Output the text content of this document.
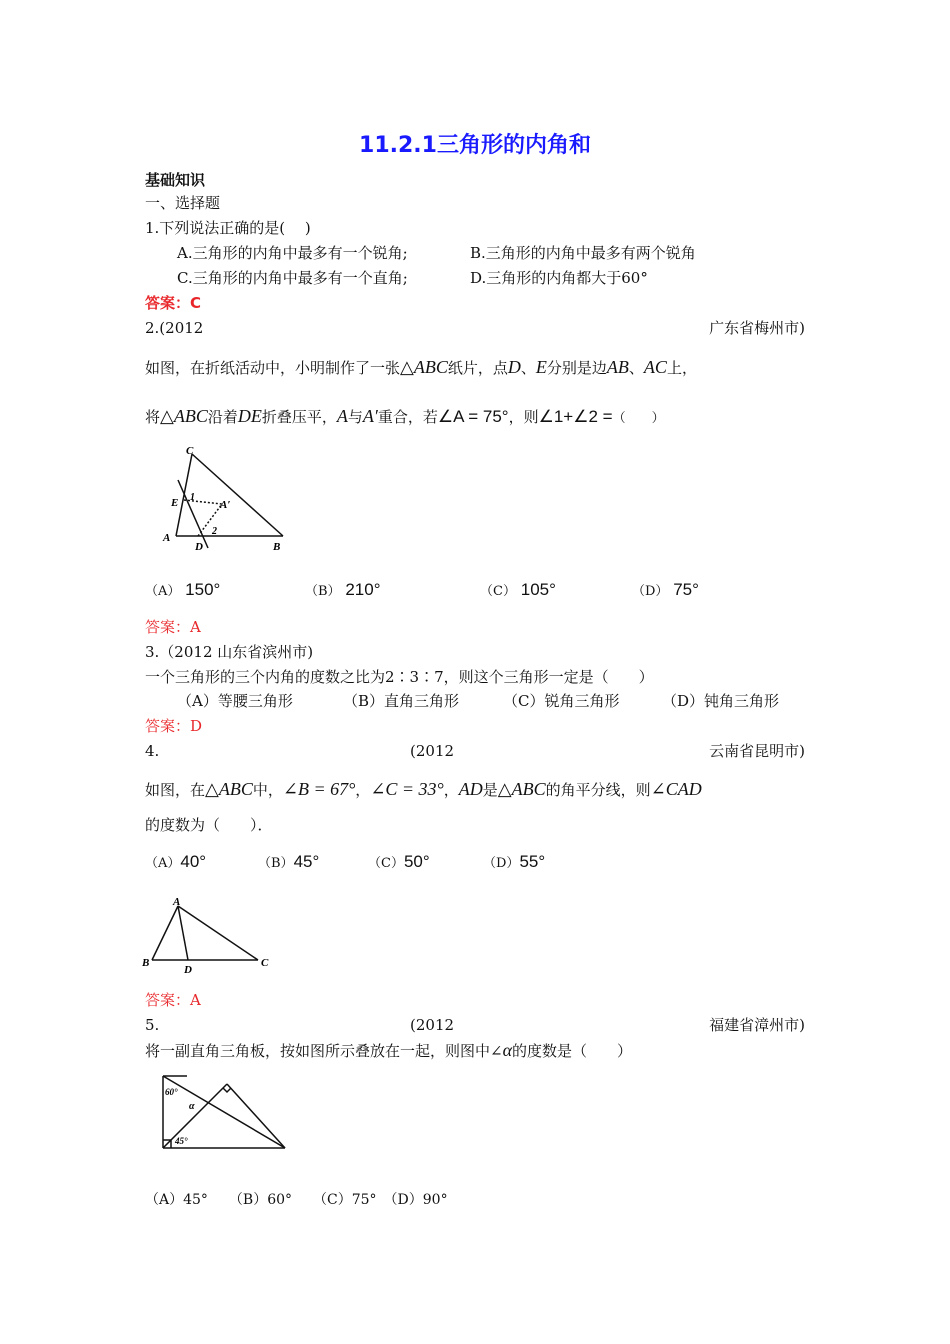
11.2.1三角形的内角和
基础知识
一、选择题
1.下列说法正确的是(　 )
A.三角形的内角中最多有一个锐角;	B.三角形的内角中最多有两个锐角
C.三角形的内角中最多有一个直角;	D.三角形的内角都大于60°
答案：C
2.(2012	广东省梅州市)
如图，在折纸活动中，小明制作了一张△ABC纸片，点D、E分别是边AB、AC上，
将△ABC沿着DE折叠压平，A与A′重合，若∠A = 75°，则∠1+∠2 =（　　）
C
E 1
A′
2
A
D	B
（A） 150°	（B） 210°	（C） 105°	（D） 75°
答案：A
3.（2012 山东省滨州市)
一个三角形的三个内角的度数之比为2∶3∶7，则这个三角形一定是（　　）
（A）等腰三角形	（B）直角三角形	（C）锐角三角形	（D）钝角三角形
答案：D
4.	(2012	云南省昆明市)
如图，在△ABC中，∠B = 67°，∠C = 33°，AD是△ABC的角平分线，则∠CAD
的度数为（　　）．
（A）40°	（B）45°	（C）50°	（D）55°
A
B
D
C
答案：A
5.	(2012	福建省漳州市)
将一副直角三角板，按如图所示叠放在一起，则图中∠α的度数是（　　）
60°
α
45°
（A）45°　　（B）60°　　（C）75°　（D）90°
